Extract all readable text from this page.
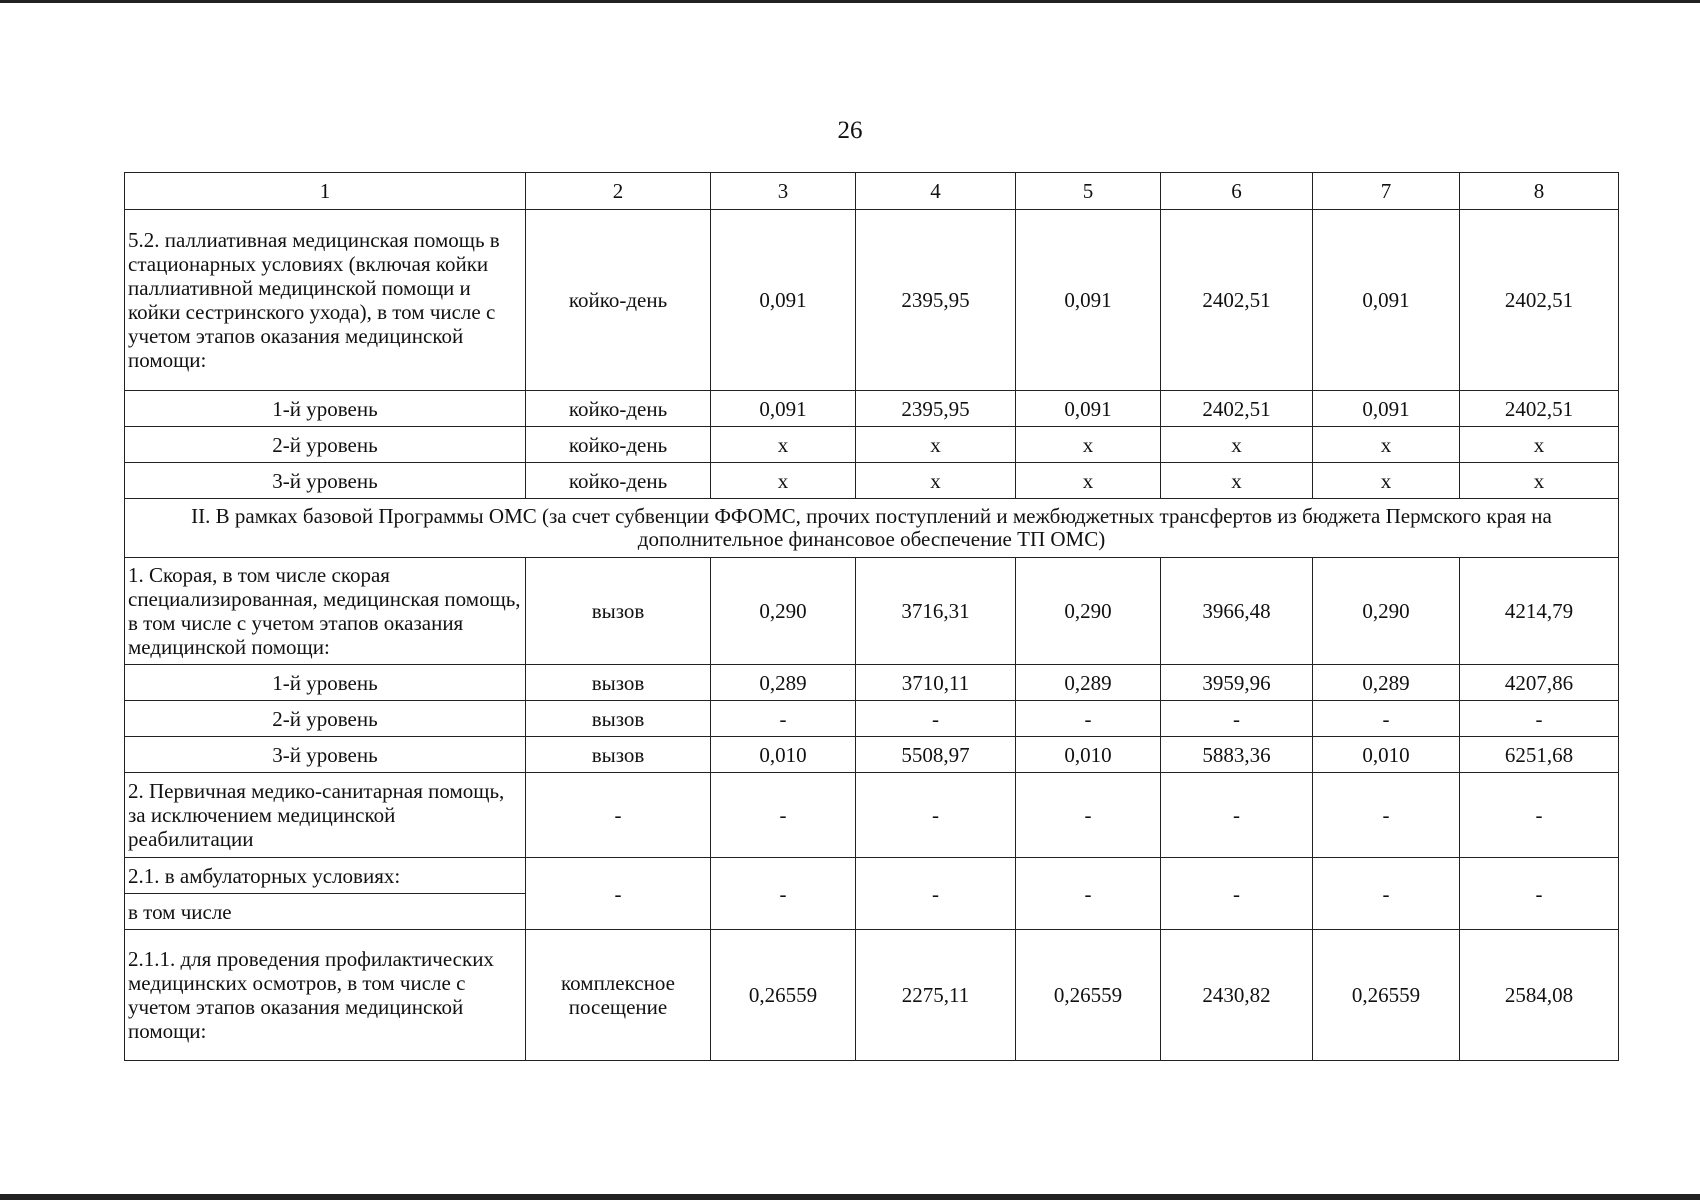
26
1	2	3	4	5	6	7	8
5.2. паллиативная медицинская помощь в стационарных условиях (включая койки паллиативной медицинской помощи и койки сестринского ухода), в том числе с учетом этапов оказания медицинской помощи:	койко-день	0,091	2395,95	0,091	2402,51	0,091	2402,51
1-й уровень	койко-день	0,091	2395,95	0,091	2402,51	0,091	2402,51
2-й уровень	койко-день	х	х	х	х	х	х
3-й уровень	койко-день	х	х	х	х	х	х
II. В рамках базовой Программы ОМС (за счет субвенции ФФОМС, прочих поступлений и межбюджетных трансфертов из бюджета Пермского края на дополнительное финансовое обеспечение ТП ОМС)							
1. Скорая, в том числе скорая специализированная, медицинская помощь, в том числе с учетом этапов оказания медицинской помощи:	вызов	0,290	3716,31	0,290	3966,48	0,290	4214,79
1-й уровень	вызов	0,289	3710,11	0,289	3959,96	0,289	4207,86
2-й уровень	вызов	-	-	-	-	-	-
3-й уровень	вызов	0,010	5508,97	0,010	5883,36	0,010	6251,68
2. Первичная медико-санитарная помощь, за исключением медицинской реабилитации	-	-	-	-	-	-	-
2.1. в амбулаторных условиях:	-	-	-	-	-	-	-
в том числе							
2.1.1. для проведения профилактических медицинских осмотров, в том числе с учетом этапов оказания медицинской помощи:	комплексное посещение	0,26559	2275,11	0,26559	2430,82	0,26559	2584,08
